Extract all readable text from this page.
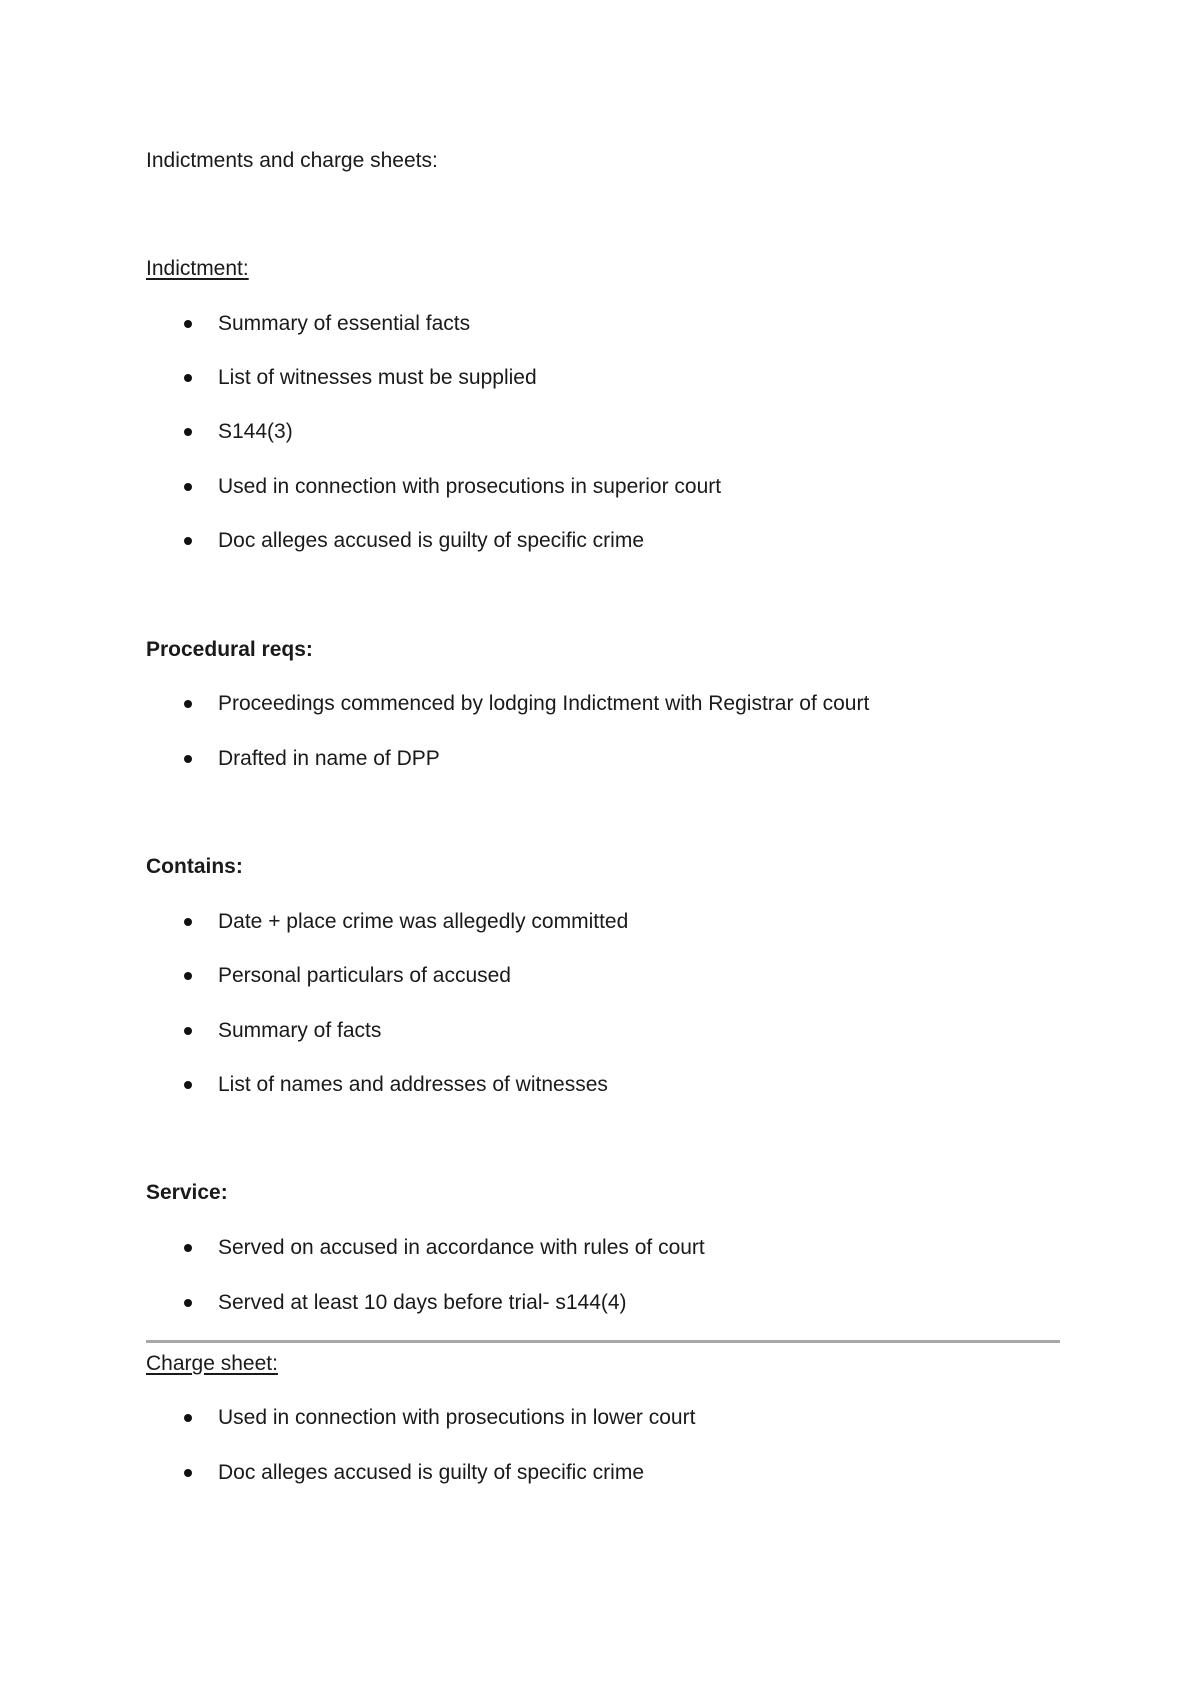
Indictments and charge sheets:
Indictment:
Summary of essential facts
List of witnesses must be supplied
S144(3)
Used in connection with prosecutions in superior court
Doc alleges accused is guilty of specific crime
Procedural reqs:
Proceedings commenced by lodging Indictment with Registrar of court
Drafted in name of DPP
Contains:
Date + place crime was allegedly committed
Personal particulars of accused
Summary of facts
List of names and addresses of witnesses
Service:
Served on accused in accordance with rules of court
Served at least 10 days before trial- s144(4)
Charge sheet:
Used in connection with prosecutions in lower court
Doc alleges accused is guilty of specific crime
